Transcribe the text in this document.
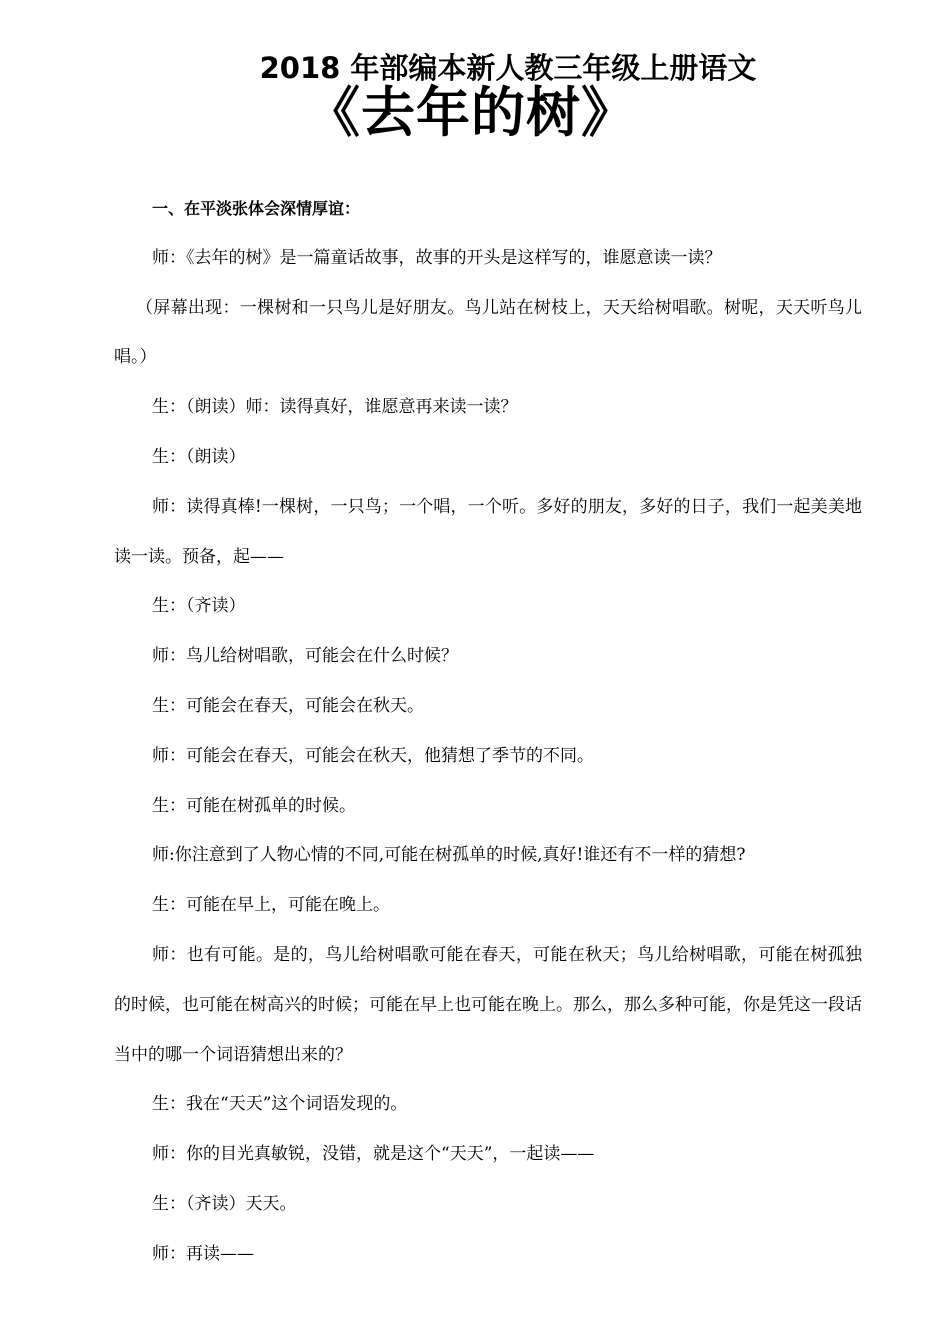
2018 年部编本新人教三年级上册语文
《去年的树》

一、在平淡张体会深情厚谊：

师：《去年的树》是一篇童话故事，故事的开头是这样写的，谁愿意读一读？

（屏幕出现：一棵树和一只鸟儿是好朋友。鸟儿站在树枝上，天天给树唱歌。树呢，天天听鸟儿唱。）

生：（朗读）师：读得真好，谁愿意再来读一读？

生：（朗读）

师：读得真棒!一棵树，一只鸟；一个唱，一个听。多好的朋友，多好的日子，我们一起美美地读一读。预备，起——

生：（齐读）

师：鸟儿给树唱歌，可能会在什么时候？

生：可能会在春天，可能会在秋天。

师：可能会在春天，可能会在秋天，他猜想了季节的不同。

生：可能在树孤单的时候。

师:你注意到了人物心情的不同,可能在树孤单的时候,真好!谁还有不一样的猜想?

生：可能在早上，可能在晚上。

师：也有可能。是的，鸟儿给树唱歌可能在春天，可能在秋天；鸟儿给树唱歌，可能在树孤独的时候，也可能在树高兴的时候；可能在早上也可能在晚上。那么，那么多种可能，你是凭这一段话当中的哪一个词语猜想出来的？

生：我在“天天”这个词语发现的。

师：你的目光真敏锐，没错，就是这个“天天”，一起读——

生：（齐读）天天。

师：再读——
